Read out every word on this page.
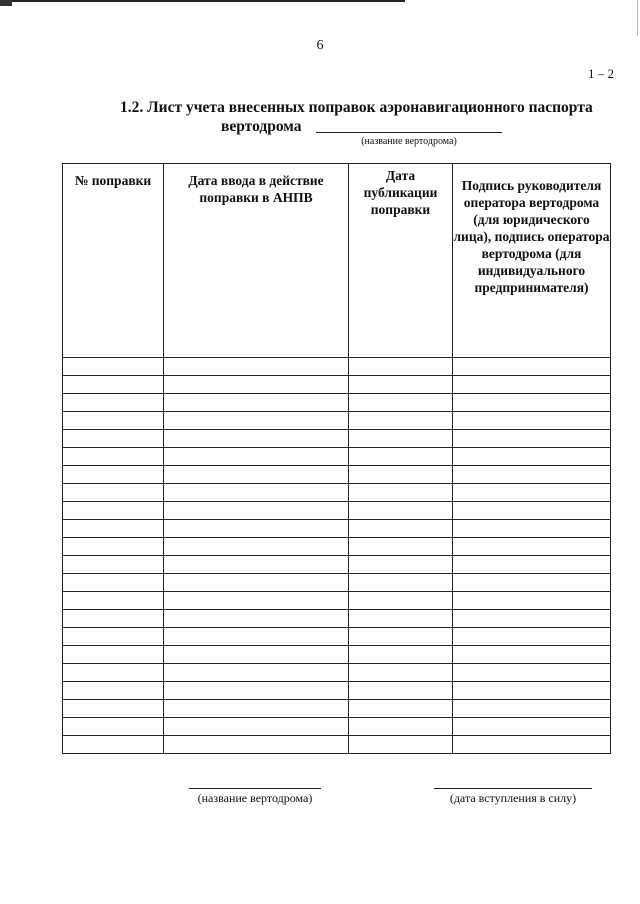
6
1 – 2
1.2. Лист учета внесенных поправок аэронавигационного паспорта
вертодрома
(название вертодрома)
№ поправки	Дата ввода в действие поправки в АНПВ	Дата публикации поправки	Подпись руководителя оператора вертодрома (для юридического лица), подпись оператора вертодрома (для индивидуального предпринимателя)

(название вертодрома)	(дата вступления в силу)
